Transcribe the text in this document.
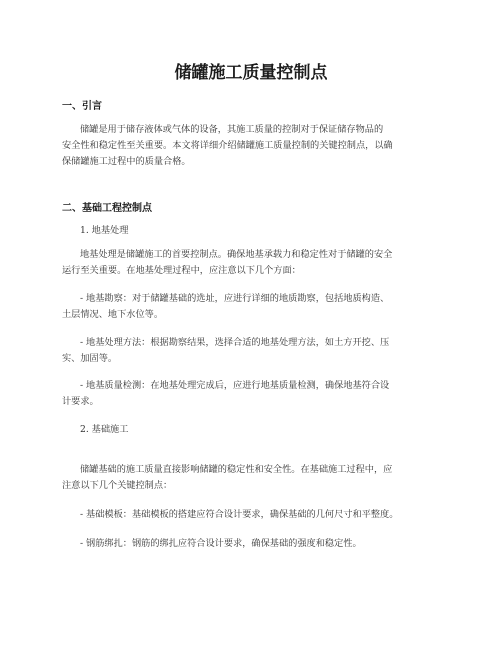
储罐施工质量控制点
一、引言

储罐是用于储存液体或气体的设备，其施工质量的控制对于保证储存物品的
安全性和稳定性至关重要。本文将详细介绍储罐施工质量控制的关键控制点，以确
保储罐施工过程中的质量合格。

二、基础工程控制点

1. 地基处理

地基处理是储罐施工的首要控制点。确保地基承载力和稳定性对于储罐的安全
运行至关重要。在地基处理过程中，应注意以下几个方面：

- 地基勘察：对于储罐基础的选址，应进行详细的地质勘察，包括地质构造、
土层情况、地下水位等。

- 地基处理方法：根据勘察结果，选择合适的地基处理方法，如土方开挖、压
实、加固等。

- 地基质量检测：在地基处理完成后，应进行地基质量检测，确保地基符合设
计要求。

2. 基础施工

储罐基础的施工质量直接影响储罐的稳定性和安全性。在基础施工过程中，应
注意以下几个关键控制点：

- 基础模板：基础模板的搭建应符合设计要求，确保基础的几何尺寸和平整度。

- 钢筋绑扎：钢筋的绑扎应符合设计要求，确保基础的强度和稳定性。
